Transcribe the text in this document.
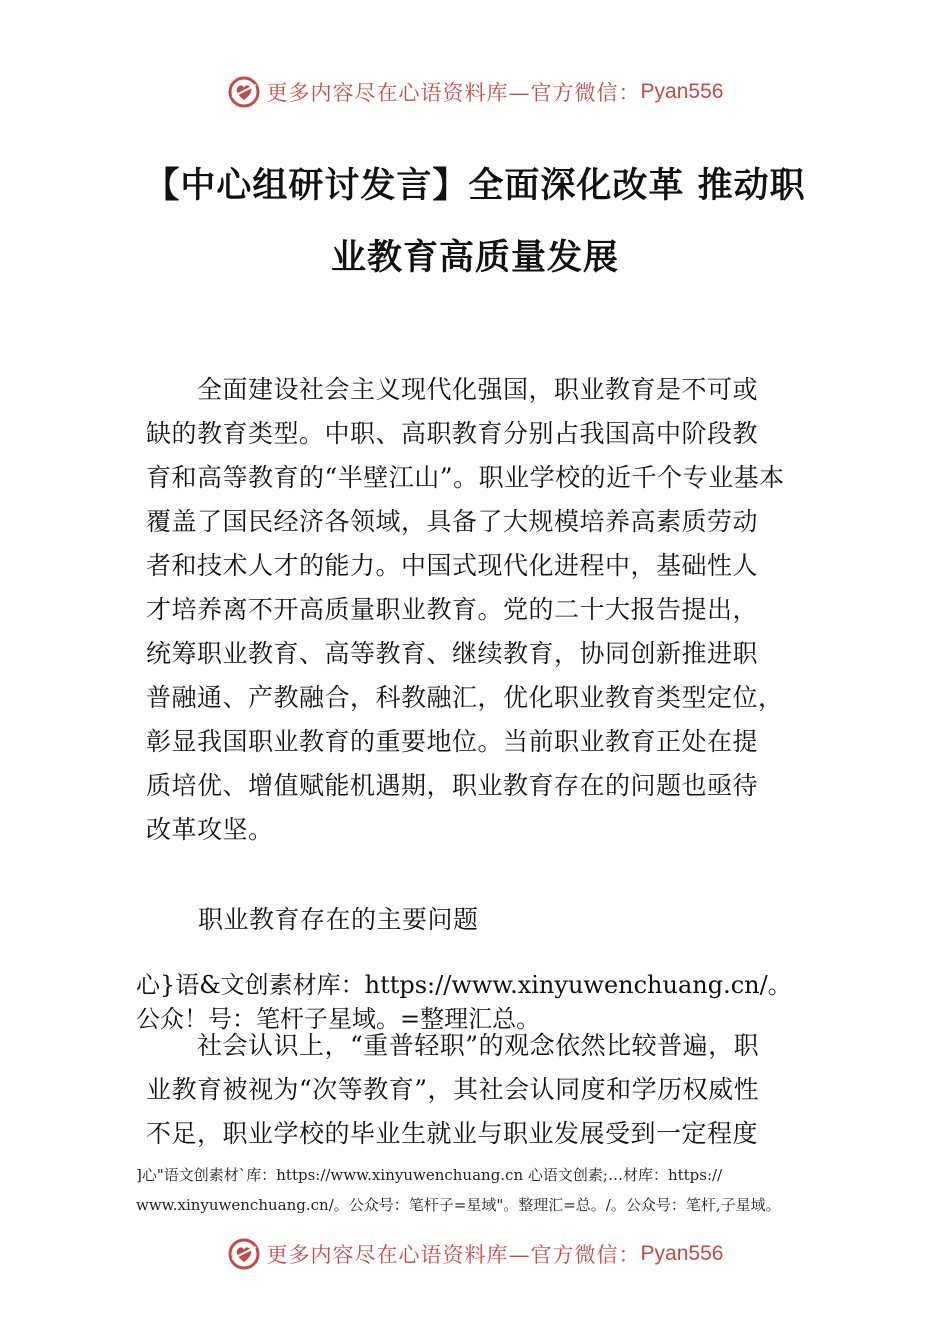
更多内容尽在心语资料库—官方微信： Pyan556
【中心组研讨发言】全面深化改革 推动职
业教育高质量发展
　　全面建设社会主义现代化强国，职业教育是不可或
缺的教育类型。中职、高职教育分别占我国高中阶段教
育和高等教育的“半壁江山”。职业学校的近千个专业基本
覆盖了国民经济各领域，具备了大规模培养高素质劳动
者和技术人才的能力。中国式现代化进程中，基础性人
才培养离不开高质量职业教育。党的二十大报告提出，
统筹职业教育、高等教育、继续教育，协同创新推进职
普融通、产教融合，科教融汇，优化职业教育类型定位，
彰显我国职业教育的重要地位。当前职业教育正处在提
质培优、增值赋能机遇期，职业教育存在的问题也亟待
改革攻坚。
职业教育存在的主要问题
心}语&文创素材库：https://www.xinyuwenchuang.cn/。
公众！号：笔杆子星域。=整理汇总。
　　社会认识上，“重普轻职”的观念依然比较普遍，职
业教育被视为“次等教育”，其社会认同度和学历权威性
不足，职业学校的毕业生就业与职业发展受到一定程度
]心"语文创素材`库：https://www.xinyuwenchuang.cn 心语文创素;…材库：https://
www.xinyuwenchuang.cn/。公众号：笔杆子=星域"。整理汇=总。/。公众号：笔杆,子星域。
更多内容尽在心语资料库—官方微信： Pyan556
